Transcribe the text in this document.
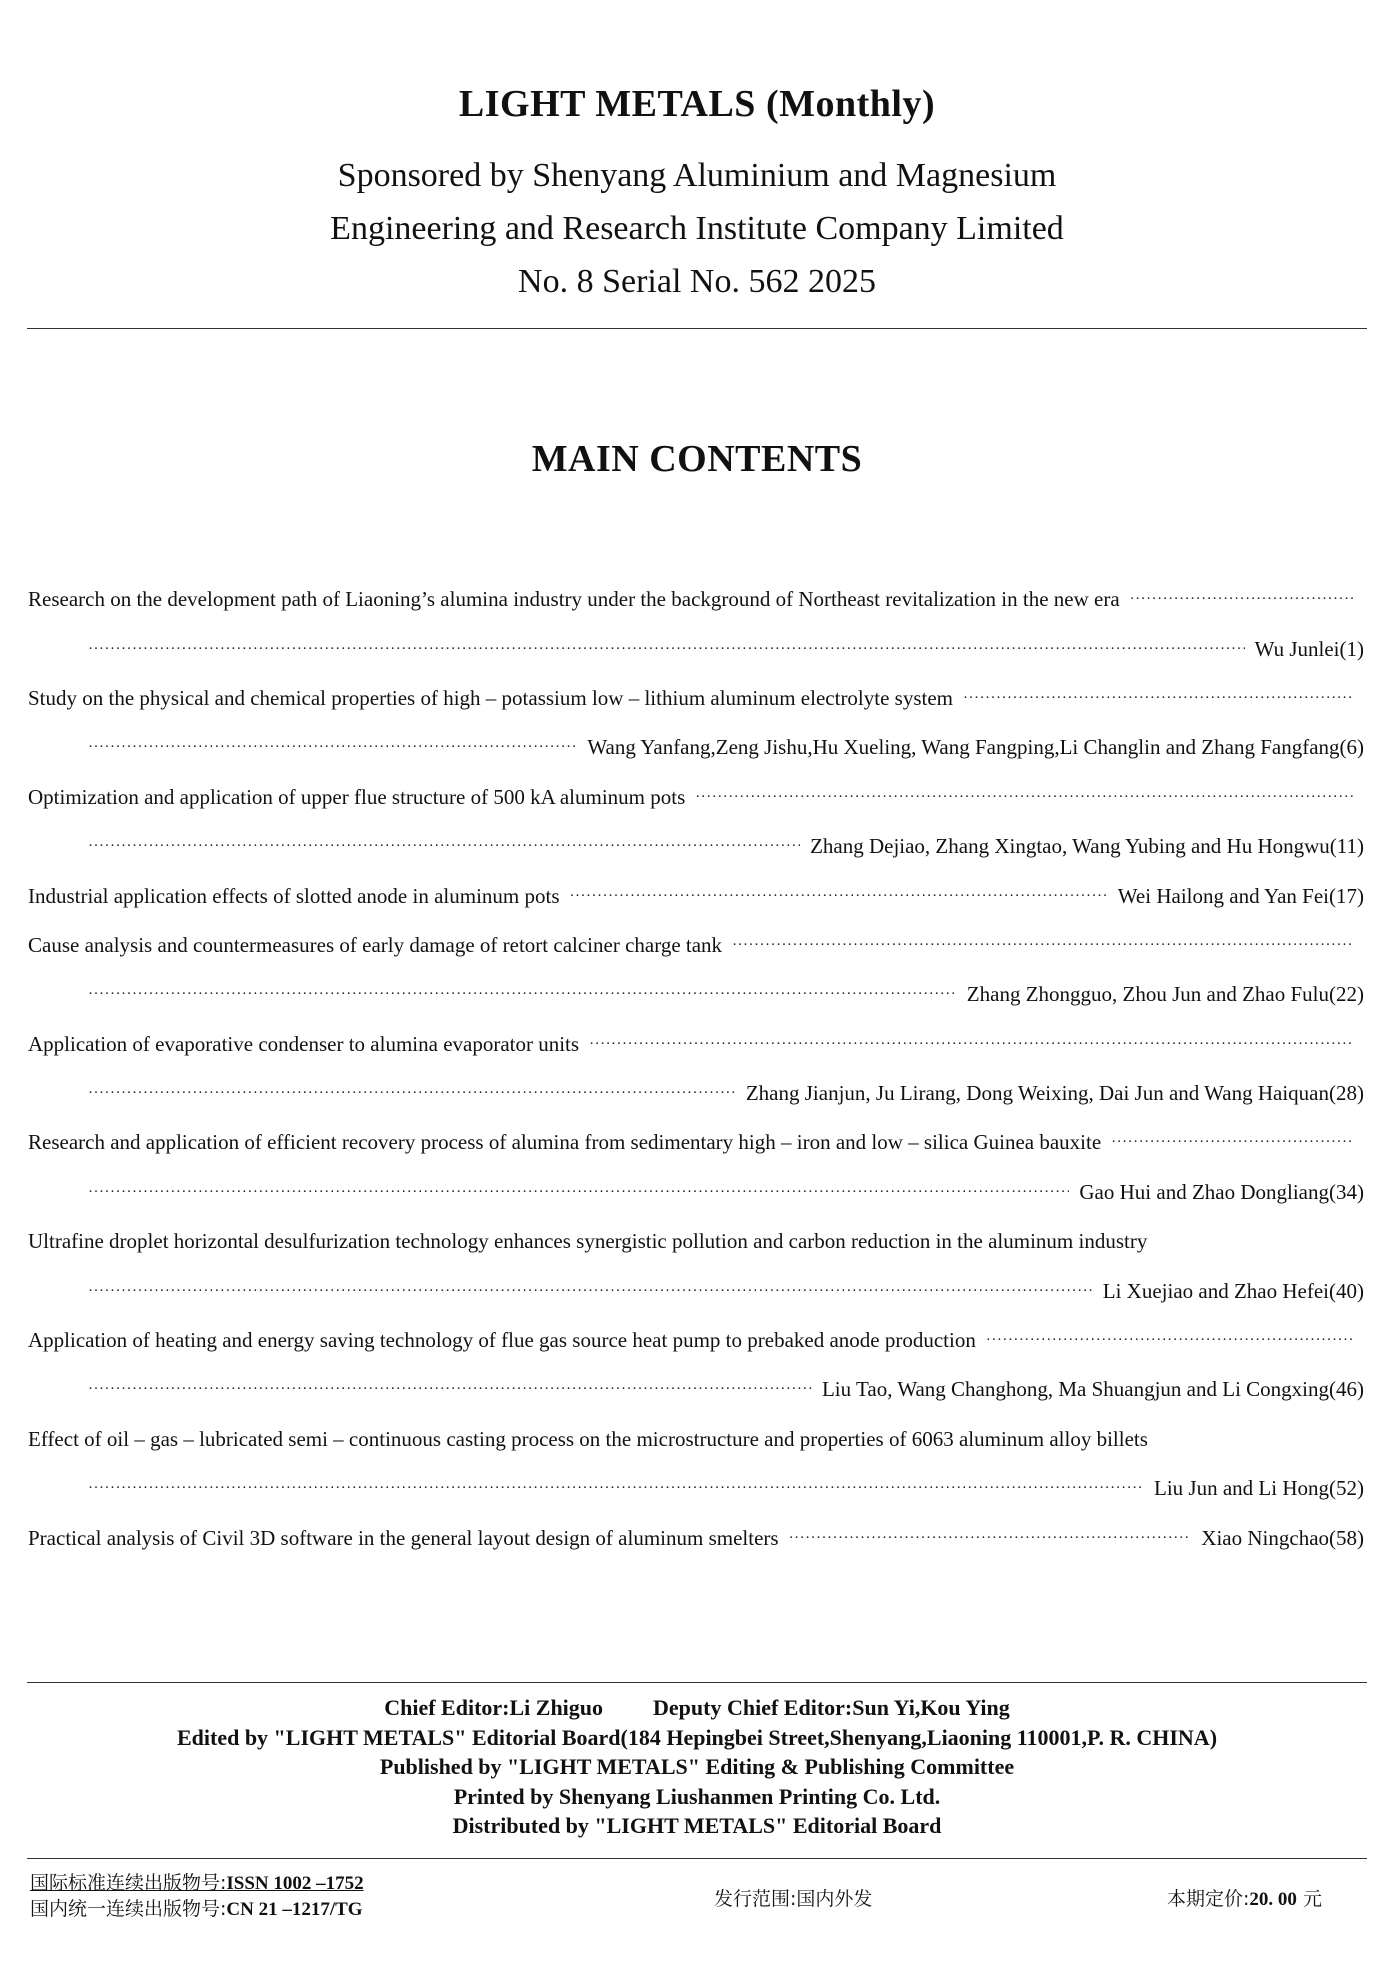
LIGHT METALS (Monthly)
Sponsored by Shenyang Aluminium and Magnesium
Engineering and Research Institute Company Limited
No. 8 Serial No. 562 2025
MAIN CONTENTS
Research on the development path of Liaoning’s alumina industry under the background of Northeast revitalization in the new era
·····
·····
Wu Junlei(1)
Study on the physical and chemical properties of high – potassium low – lithium aluminum electrolyte system
·····
·····
Wang Yanfang,Zeng Jishu,Hu Xueling, Wang Fangping,Li Changlin and Zhang Fangfang(6)
Optimization and application of upper flue structure of 500 kA aluminum pots
·····
·····
Zhang Dejiao, Zhang Xingtao, Wang Yubing and Hu Hongwu(11)
Industrial application effects of slotted anode in aluminum pots ·····	Wei Hailong and Yan Fei(17)
Cause analysis and countermeasures of early damage of retort calciner charge tank
·····
·····
Zhang Zhongguo, Zhou Jun and Zhao Fulu(22)
Application of evaporative condenser to alumina evaporator units
·····
·····
Zhang Jianjun, Ju Lirang, Dong Weixing, Dai Jun and Wang Haiquan(28)
Research and application of efficient recovery process of alumina from sedimentary high – iron and low – silica Guinea bauxite
·····
·····
Gao Hui and Zhao Dongliang(34)
Ultrafine droplet horizontal desulfurization technology enhances synergistic pollution and carbon reduction in the aluminum industry
·····
Li Xuejiao and Zhao Hefei(40)
Application of heating and energy saving technology of flue gas source heat pump to prebaked anode production
·····
·····
Liu Tao, Wang Changhong, Ma Shuangjun and Li Congxing(46)
Effect of oil – gas – lubricated semi – continuous casting process on the microstructure and properties of 6063 aluminum alloy billets
·····
Liu Jun and Li Hong(52)
Practical analysis of Civil 3D software in the general layout design of aluminum smelters ·····	Xiao Ningchao(58)
Chief Editor:Li Zhiguo Deputy Chief Editor:Sun Yi,Kou Ying
Edited by "LIGHT METALS" Editorial Board(184 Hepingbei Street,Shenyang,Liaoning 110001,P. R. CHINA)
Published by "LIGHT METALS" Editing & Publishing Committee
Printed by Shenyang Liushanmen Printing Co. Ltd.
Distributed by "LIGHT METALS" Editorial Board
国际标准连续出版物号:ISSN 1002 –1752
国内统一连续出版物号:CN 21 –1217/TG	发行范围:国内外发	本期定价:20. 00 元
